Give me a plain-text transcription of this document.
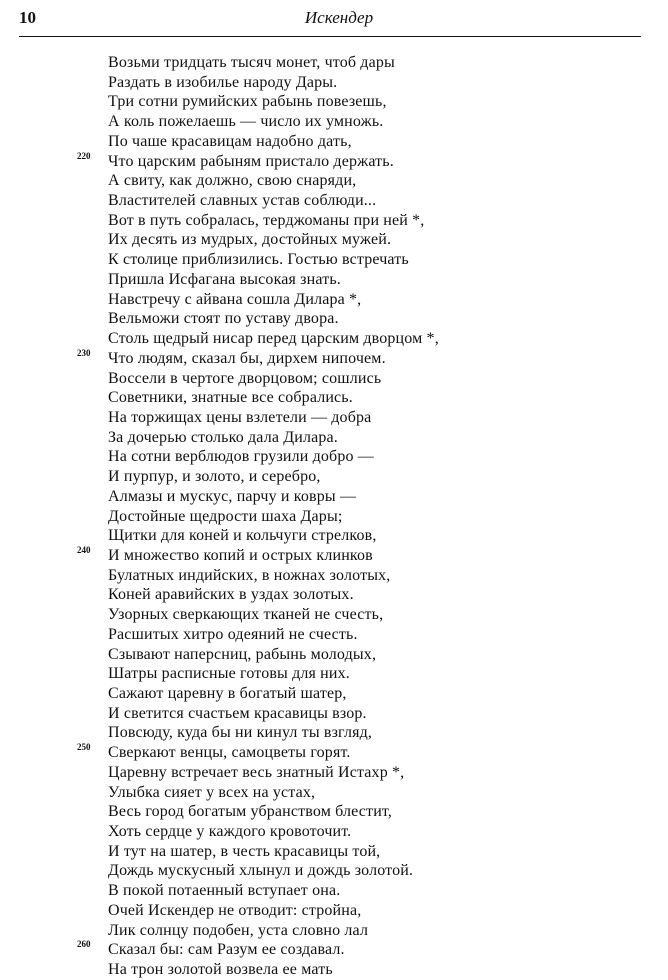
10	Искендер
Возьми тридцать тысяч монет, чтоб дары
Раздать в изобилье народу Дары.
Три сотни румийских рабынь повезешь,
А коль пожелаешь — число их умножь.
По чаше красавицам надобно дать,
220 Что царским рабыням пристало держать.
А свиту, как должно, свою снаряди,
Властителей славных устав соблюди...
Вот в путь собралась, терджоманы при ней *,
Их десять из мудрых, достойных мужей.
К столице приблизились. Гостью встречать
Пришла Исфагана высокая знать.
Навстречу с айвана сошла Дилара *,
Вельможи стоят по уставу двора.
Столь щедрый нисар перед царским дворцом *,
230 Что людям, сказал бы, дирхем нипочем.
Восcели в чертоге дворцовом; сошлись
Советники, знатные все собрались.
На торжищах цены взлетели — добра
За дочерью столько дала Дилара.
На сотни верблюдов грузили добро —
И пурпур, и золото, и серебро,
Алмазы и мускус, парчу и ковры —
Достойные щедрости шаха Дары;
Щитки для коней и кольчуги стрелков,
240 И множество копий и острых клинков
Булатных индийских, в ножнах золотых,
Коней аравийских в уздах золотых.
Узорных сверкающих тканей не счесть,
Расшитых хитро одеяний не счесть.
Сзывают наперсниц, рабынь молодых,
Шатры расписные готовы для них.
Сажают царевну в богатый шатер,
И светится счастьем красавицы взор.
Повсюду, куда бы ни кинул ты взгляд,
250 Сверкают венцы, самоцветы горят.
Царевну встречает весь знатный Истахр *,
Улыбка сияет у всех на устах,
Весь город богатым убранством блестит,
Хоть сердце у каждого кровоточит.
И тут на шатер, в честь красавицы той,
Дождь мускусный хлынул и дождь золотой.
В покой потаенный вступает она.
Очей Искендер не отводит: стройна,
Лик солнцу подобен, уста словно лал
260 Сказал бы: сам Разум ее создавал.
На трон золотой возвела ее мать
